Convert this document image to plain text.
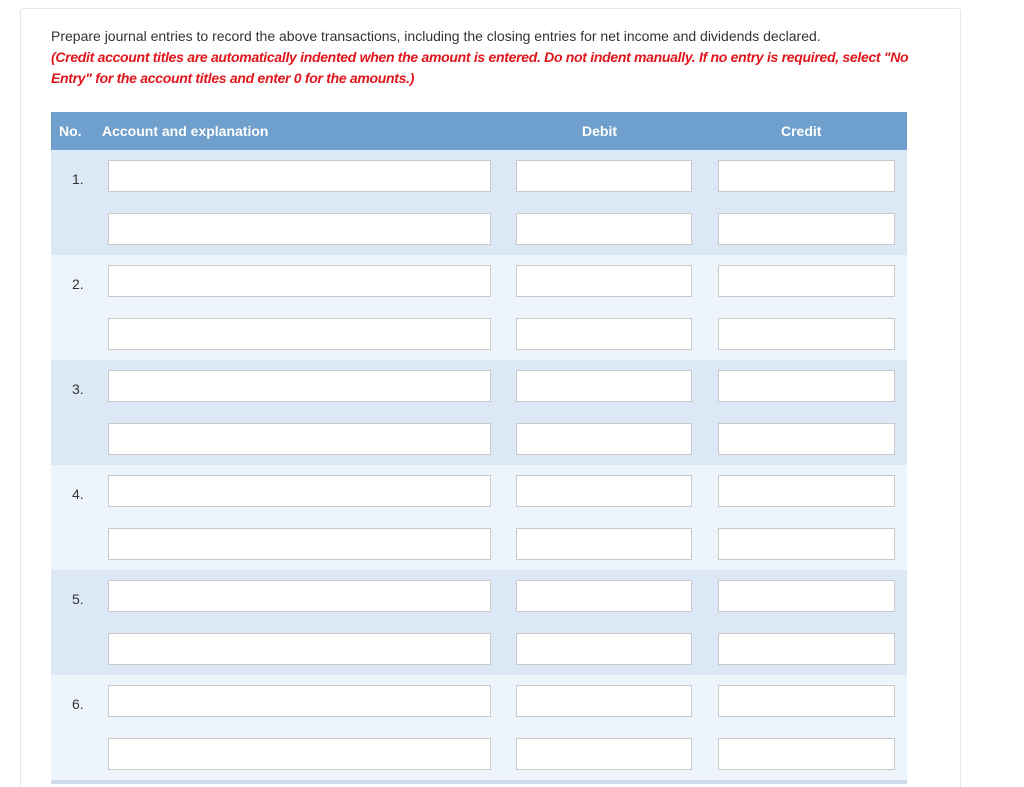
Prepare journal entries to record the above transactions, including the closing entries for net income and dividends declared.
(Credit account titles are automatically indented when the amount is entered. Do not indent manually. If no entry is required, select "No Entry" for the account titles and enter 0 for the amounts.)
No. Account and explanation	Debit	Credit
1.
2.
3.
4.
5.
6.
